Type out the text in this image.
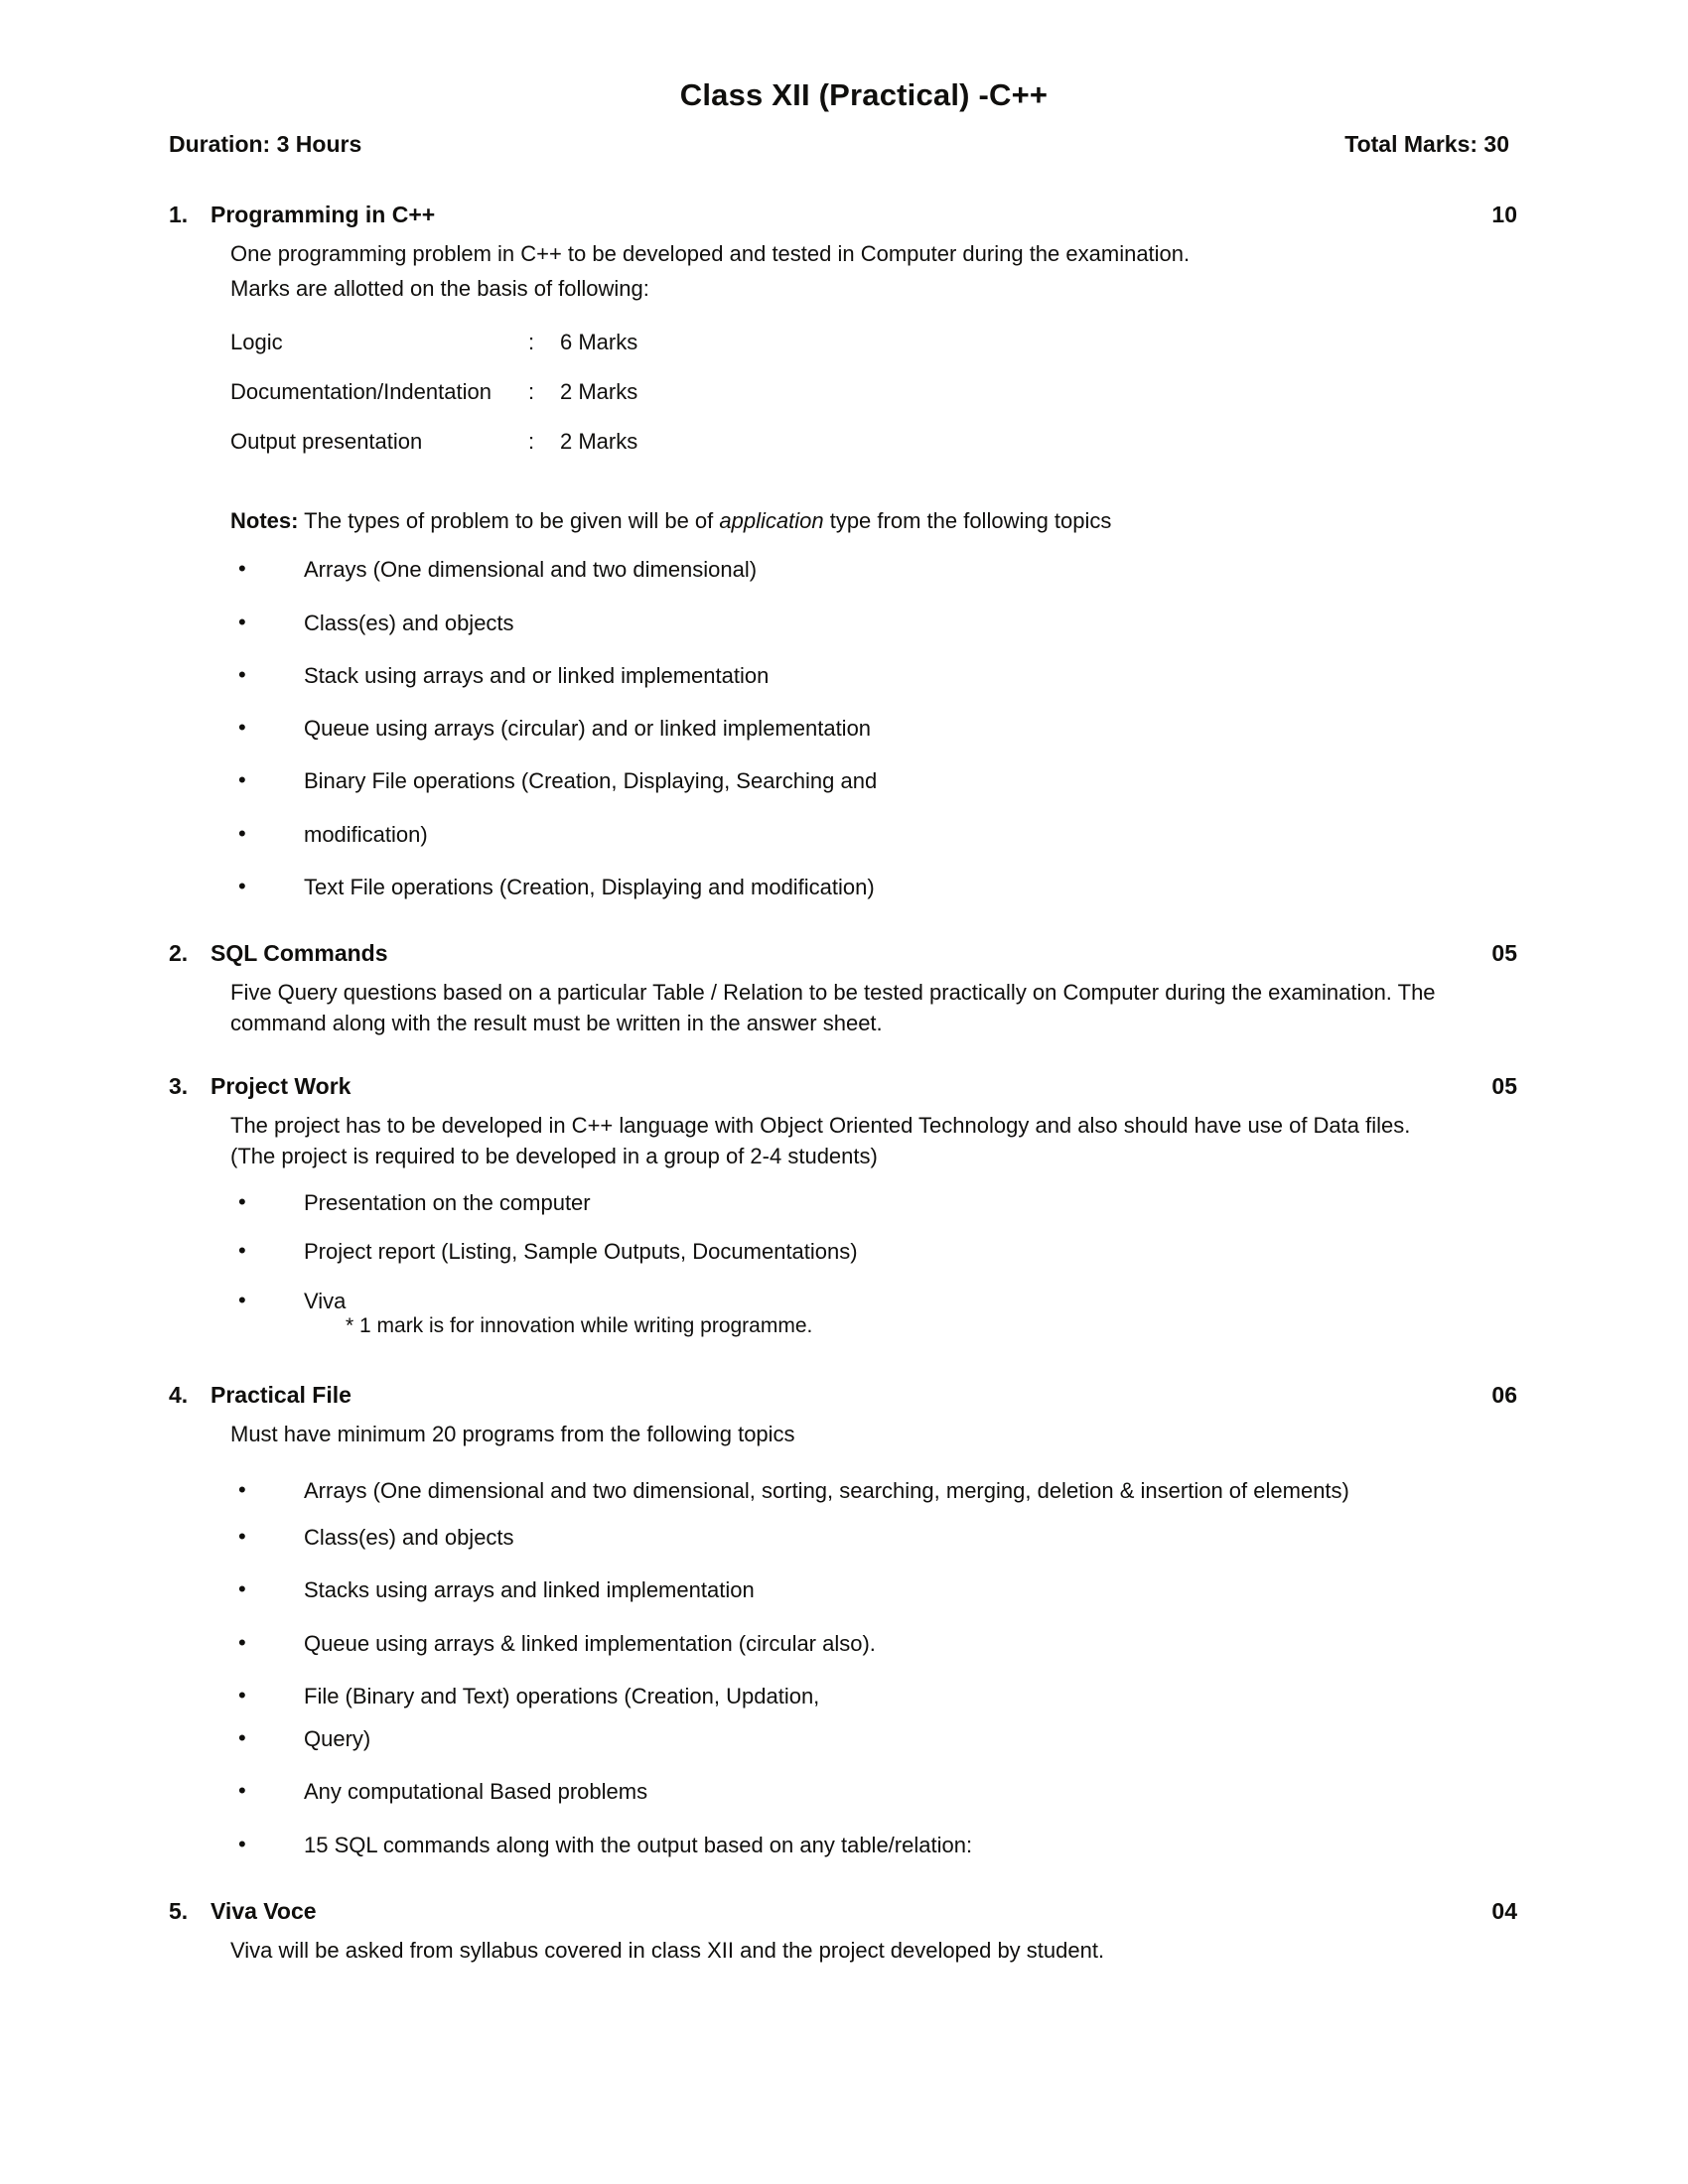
Class XII (Practical) -C++
Duration: 3 Hours	Total Marks: 30
1. Programming in C++	10
One programming problem in C++ to be developed and tested in Computer during the examination.
Marks are allotted on the basis of following:
Logic	:	6 Marks
Documentation/Indentation	:	2 Marks
Output presentation	:	2 Marks
Notes: The types of problem to be given will be of application type from the following topics
• Arrays (One dimensional and two dimensional)
• Class(es) and objects
• Stack using arrays and or linked implementation
• Queue using arrays (circular) and or linked implementation
• Binary File operations (Creation, Displaying, Searching and
• modification)
• Text File operations (Creation, Displaying and modification)
2. SQL Commands	05
Five Query questions based on a particular Table / Relation to be tested practically on Computer during the examination. The command along with the result must be written in the answer sheet.
3. Project Work	05
The project has to be developed in C++ language with Object Oriented Technology and also should have use of Data files. (The project is required to be developed in a group of 2-4 students)
• Presentation on the computer
• Project report (Listing, Sample Outputs, Documentations)
• Viva
* 1 mark is for innovation while writing programme.
4. Practical File	06
Must have minimum 20 programs from the following topics
• Arrays (One dimensional and two dimensional, sorting, searching, merging, deletion & insertion of elements)
• Class(es) and objects
• Stacks using arrays and linked implementation
• Queue using arrays & linked implementation (circular also).
• File (Binary and Text) operations (Creation, Updation,
• Query)
• Any computational Based problems
• 15 SQL commands along with the output based on any table/relation:
5. Viva Voce	04
Viva will be asked from syllabus covered in class XII and the project developed by student.
